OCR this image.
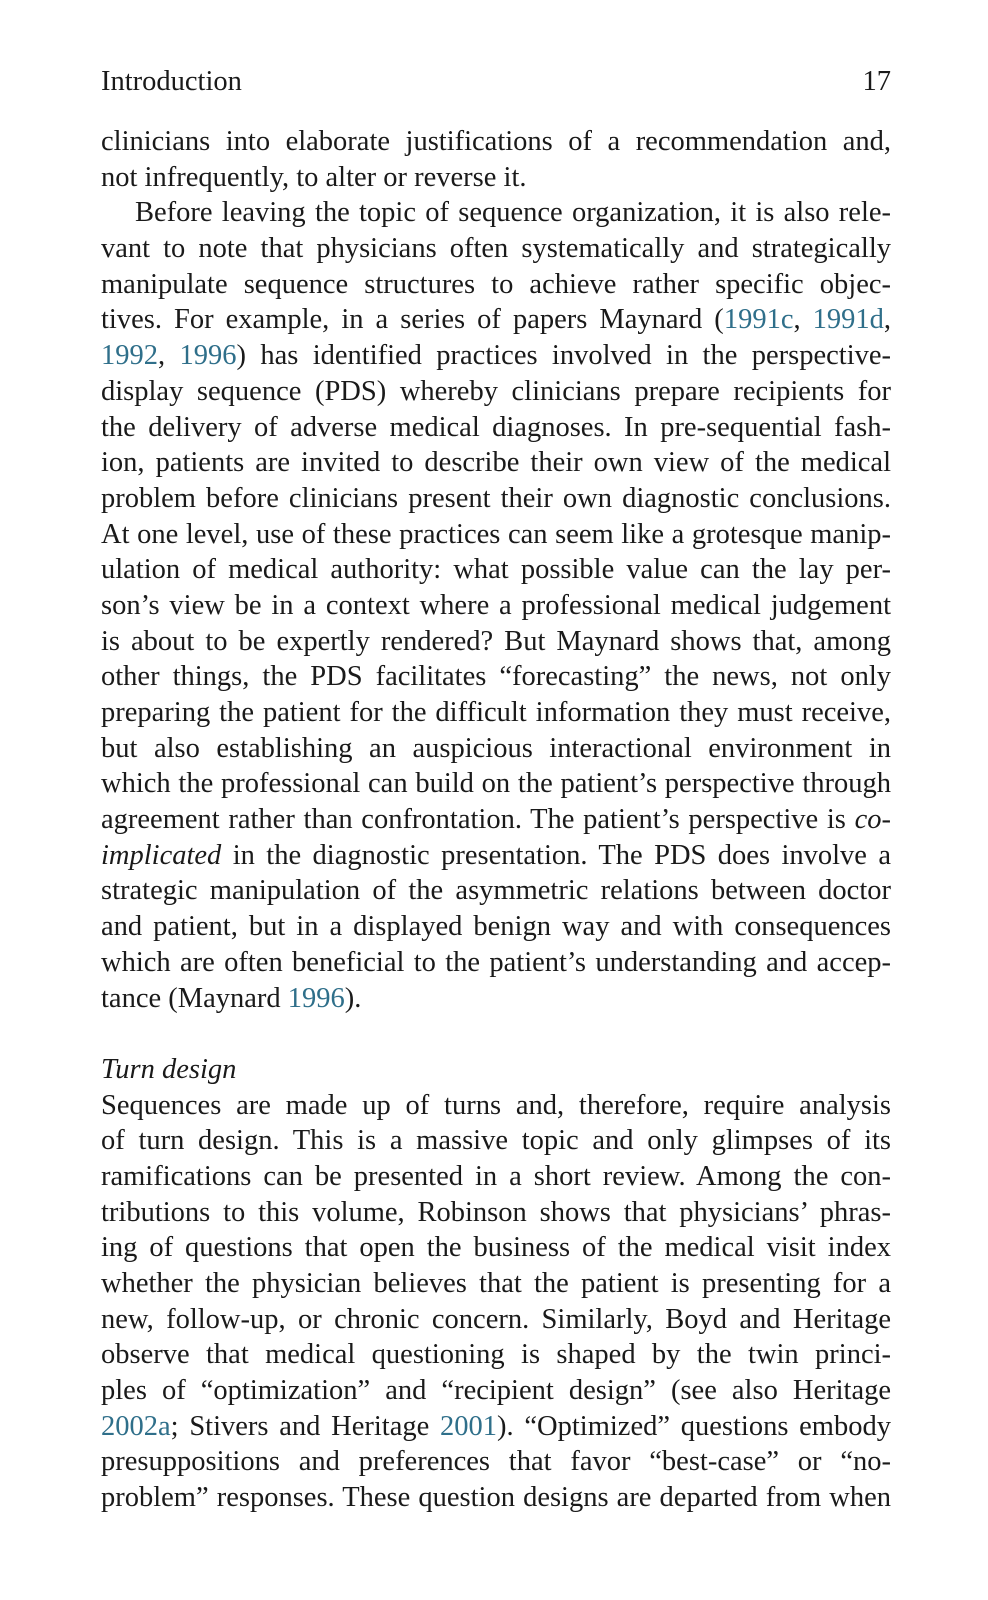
Introduction	17
clinicians into elaborate justifications of a recommendation and,
not infrequently, to alter or reverse it.
Before leaving the topic of sequence organization, it is also rele-
vant to note that physicians often systematically and strategically
manipulate sequence structures to achieve rather specific objec-
tives. For example, in a series of papers Maynard (1991c, 1991d,
1992, 1996) has identified practices involved in the perspective-
display sequence (PDS) whereby clinicians prepare recipients for
the delivery of adverse medical diagnoses. In pre-sequential fash-
ion, patients are invited to describe their own view of the medical
problem before clinicians present their own diagnostic conclusions.
At one level, use of these practices can seem like a grotesque manip-
ulation of medical authority: what possible value can the lay per-
son’s view be in a context where a professional medical judgement
is about to be expertly rendered? But Maynard shows that, among
other things, the PDS facilitates “forecasting” the news, not only
preparing the patient for the difficult information they must receive,
but also establishing an auspicious interactional environment in
which the professional can build on the patient’s perspective through
agreement rather than confrontation. The patient’s perspective is co-
implicated in the diagnostic presentation. The PDS does involve a
strategic manipulation of the asymmetric relations between doctor
and patient, but in a displayed benign way and with consequences
which are often beneficial to the patient’s understanding and accep-
tance (Maynard 1996).
Turn design
Sequences are made up of turns and, therefore, require analysis
of turn design. This is a massive topic and only glimpses of its
ramifications can be presented in a short review. Among the con-
tributions to this volume, Robinson shows that physicians’ phras-
ing of questions that open the business of the medical visit index
whether the physician believes that the patient is presenting for a
new, follow-up, or chronic concern. Similarly, Boyd and Heritage
observe that medical questioning is shaped by the twin princi-
ples of “optimization” and “recipient design” (see also Heritage
2002a; Stivers and Heritage 2001). “Optimized” questions embody
presuppositions and preferences that favor “best-case” or “no-
problem” responses. These question designs are departed from when
